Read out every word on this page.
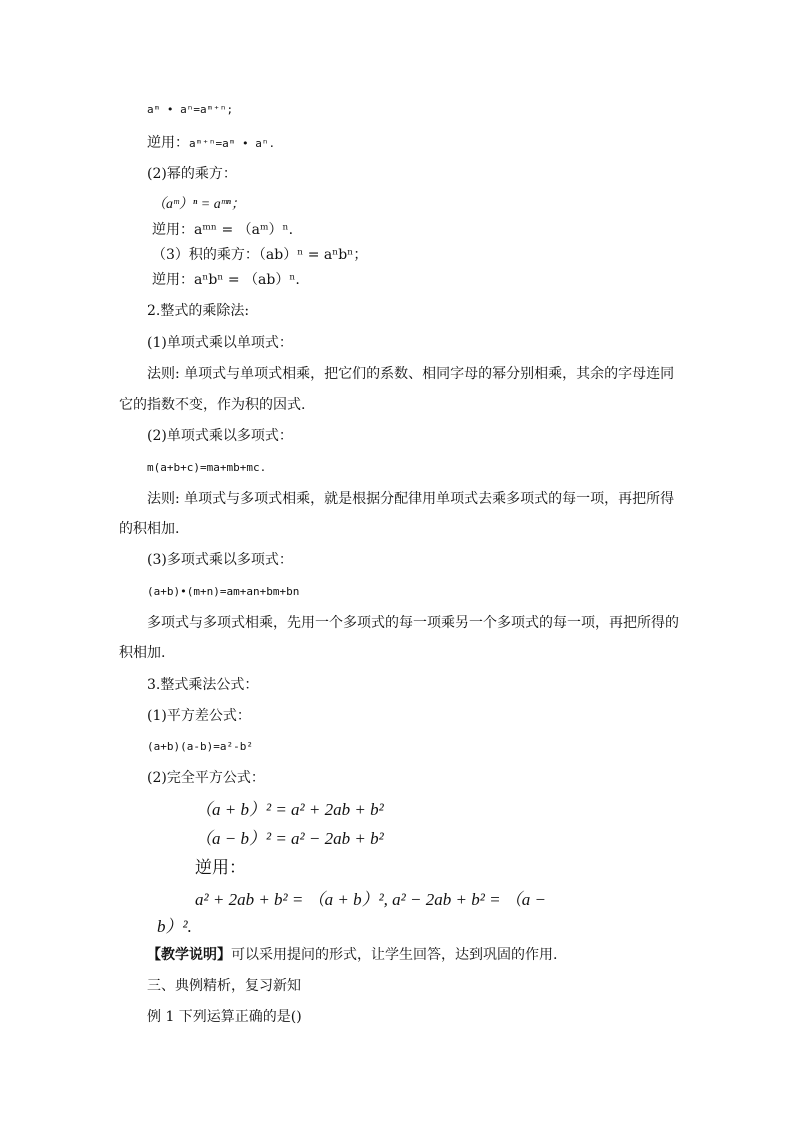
aᵐ • aⁿ=aᵐ⁺ⁿ;
逆用：aᵐ⁺ⁿ=aᵐ • aⁿ.
(2)幂的乘方：
（aᵐ）ⁿ = aᵐⁿ；
逆用：aᵐⁿ = （aᵐ）ⁿ.
（3）积的乘方：（ab）ⁿ = aⁿbⁿ；
逆用：aⁿbⁿ = （ab）ⁿ.
2.整式的乘除法:
(1)单项式乘以单项式：
法则: 单项式与单项式相乘，把它们的系数、相同字母的幂分别相乘，其余的字母连同
它的指数不变，作为积的因式.
(2)单项式乘以多项式：
m(a+b+c)=ma+mb+mc.
法则: 单项式与多项式相乘，就是根据分配律用单项式去乘多项式的每一项，再把所得
的积相加.
(3)多项式乘以多项式：
(a+b)•(m+n)=am+an+bm+bn
多项式与多项式相乘，先用一个多项式的每一项乘另一个多项式的每一项，再把所得的
积相加.
3.整式乘法公式：
(1)平方差公式：
(a+b)(a-b)=a²-b²
(2)完全平方公式：
（a + b）² = a² + 2ab + b²
（a − b）² = a² − 2ab + b²
逆用：
a² + 2ab + b² = （a + b）², a² − 2ab + b² = （a −
b）².
【教学说明】可以采用提问的形式，让学生回答，达到巩固的作用.
三、典例精析，复习新知
例 1 下列运算正确的是()
